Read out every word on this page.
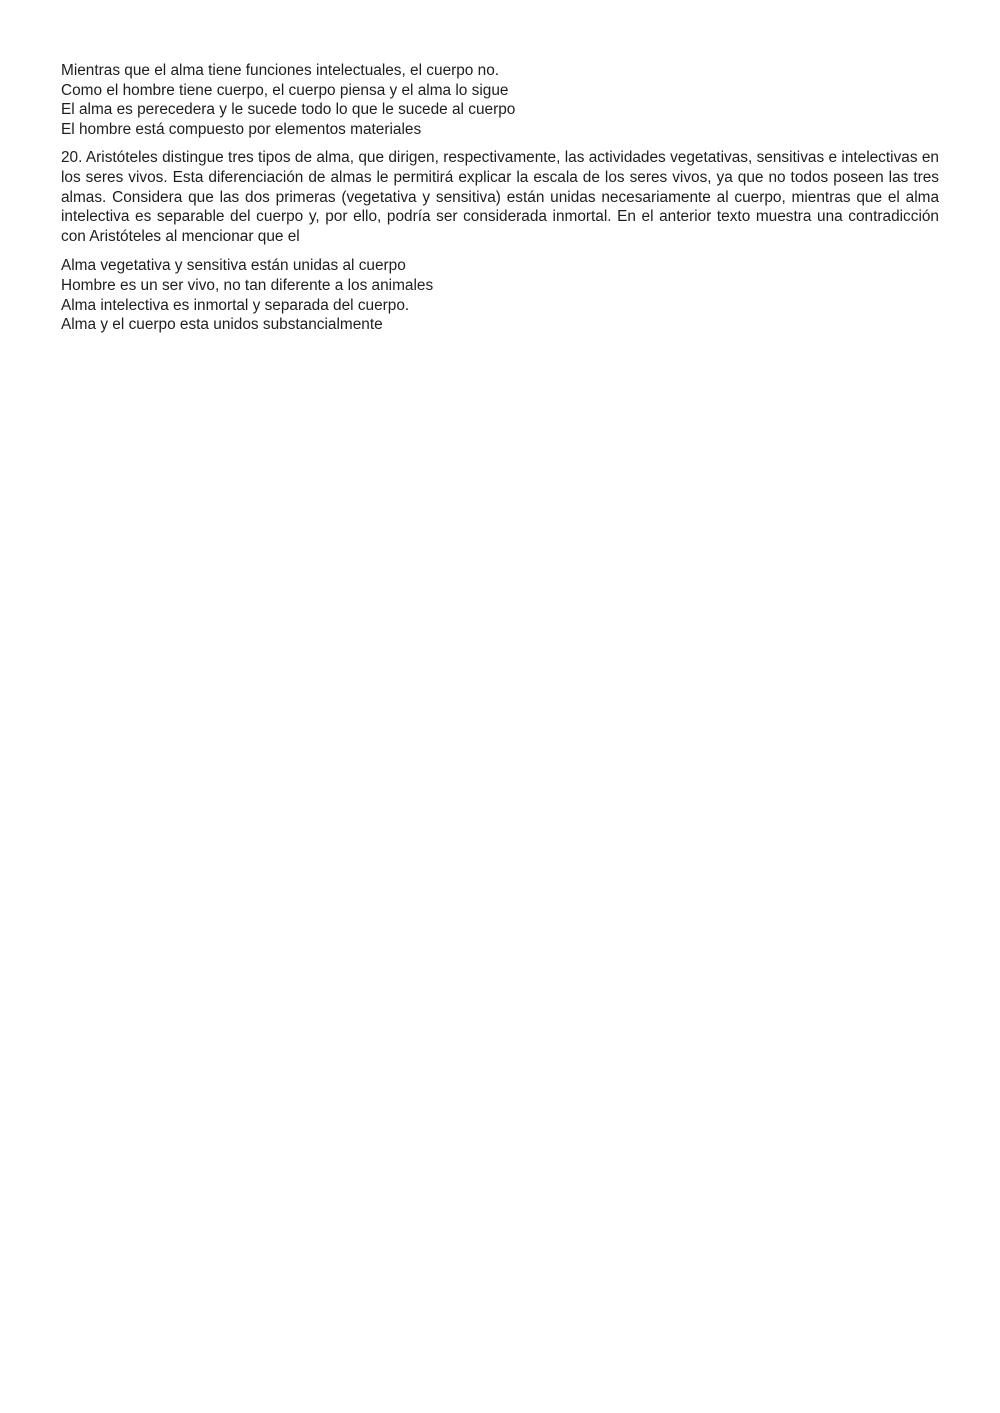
Mientras que el alma tiene funciones intelectuales, el cuerpo no.
Como el hombre tiene cuerpo, el cuerpo piensa y el alma lo sigue
El alma es perecedera y le sucede todo lo que le sucede al cuerpo
El hombre está compuesto por elementos materiales

20. Aristóteles distingue tres tipos de alma, que dirigen, respectivamente, las actividades vegetativas, sensitivas e intelectivas en los seres vivos. Esta diferenciación de almas le permitirá explicar la escala de los seres vivos, ya que no todos poseen las tres almas. Considera que las dos primeras (vegetativa y sensitiva) están unidas necesariamente al cuerpo, mientras que el alma intelectiva es separable del cuerpo y, por ello, podría ser considerada inmortal. En el anterior texto muestra una contradicción con Aristóteles al mencionar que el

Alma vegetativa y sensitiva están unidas al cuerpo
Hombre es un ser vivo, no tan diferente a los animales
Alma intelectiva es inmortal y separada del cuerpo.
Alma y el cuerpo esta unidos substancialmente
